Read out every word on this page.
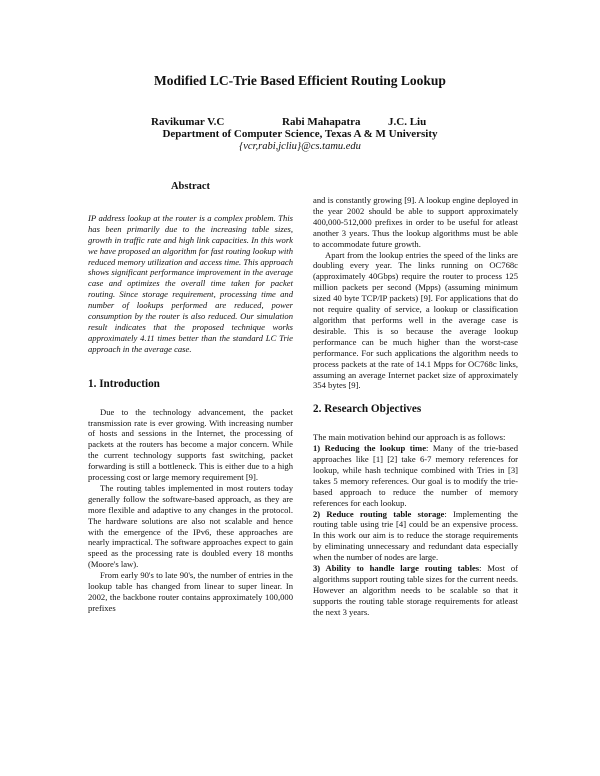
Modified LC-Trie Based Efficient Routing Lookup
Ravikumar V.C	Rabi Mahapatra J.C. Liu
Department of Computer Science, Texas A & M University
{vcr,rabi,jcliu}@cs.tamu.edu
Abstract

IP address lookup at the router is a complex problem. This has been primarily due to the increasing table sizes, growth in traffic rate and high link capacities. In this work we have proposed an algorithm for fast routing lookup with reduced memory utilization and access time. This approach shows significant performance improvement in the average case and optimizes the overall time taken for packet routing. Since storage requirement, processing time and number of lookups performed are reduced, power consumption by the router is also reduced. Our simulation result indicates that the proposed technique works approximately 4.11 times better than the standard LC Trie approach in the average case.

1. Introduction

Due to the technology advancement, the packet transmission rate is ever growing. With increasing number of hosts and sessions in the Internet, the processing of packets at the routers has become a major concern. While the current technology supports fast switching, packet forwarding is still a bottleneck. This is either due to a high processing cost or large memory requirement [9].

The routing tables implemented in most routers today generally follow the software-based approach, as they are more flexible and adaptive to any changes in the protocol. The hardware solutions are also not scalable and hence with the emergence of the IPv6, these approaches are nearly impractical. The software approaches expect to gain speed as the processing rate is doubled every 18 months (Moore's law).

From early 90's to late 90's, the number of entries in the lookup table has changed from linear to super linear. In 2002, the backbone router contains approximately 100,000 prefixes

and is constantly growing [9]. A lookup engine deployed in the year 2002 should be able to support approximately 400,000-512,000 prefixes in order to be useful for atleast another 3 years. Thus the lookup algorithms must be able to accommodate future growth.

Apart from the lookup entries the speed of the links are doubling every year. The links running on OC768c (approximately 40Gbps) require the router to process 125 million packets per second (Mpps) (assuming minimum sized 40 byte TCP/IP packets) [9]. For applications that do not require quality of service, a lookup or classification algorithm that performs well in the average case is desirable. This is so because the average lookup performance can be much higher than the worst-case performance. For such applications the algorithm needs to process packets at the rate of 14.1 Mpps for OC768c links, assuming an average Internet packet size of approximately 354 bytes [9].

2. Research Objectives

The main motivation behind our approach is as follows:

1) Reducing the lookup time: Many of the trie-based approaches like [1] [2] take 6-7 memory references for lookup, while hash technique combined with Tries in [3] takes 5 memory references. Our goal is to modify the trie-based approach to reduce the number of memory references for each lookup.

2) Reduce routing table storage: Implementing the routing table using trie [4] could be an expensive process. In this work our aim is to reduce the storage requirements by eliminating unnecessary and redundant data especially when the number of nodes are large.

3) Ability to handle large routing tables: Most of algorithms support routing table sizes for the current needs. However an algorithm needs to be scalable so that it supports the routing table storage requirements for atleast the next 3 years.
